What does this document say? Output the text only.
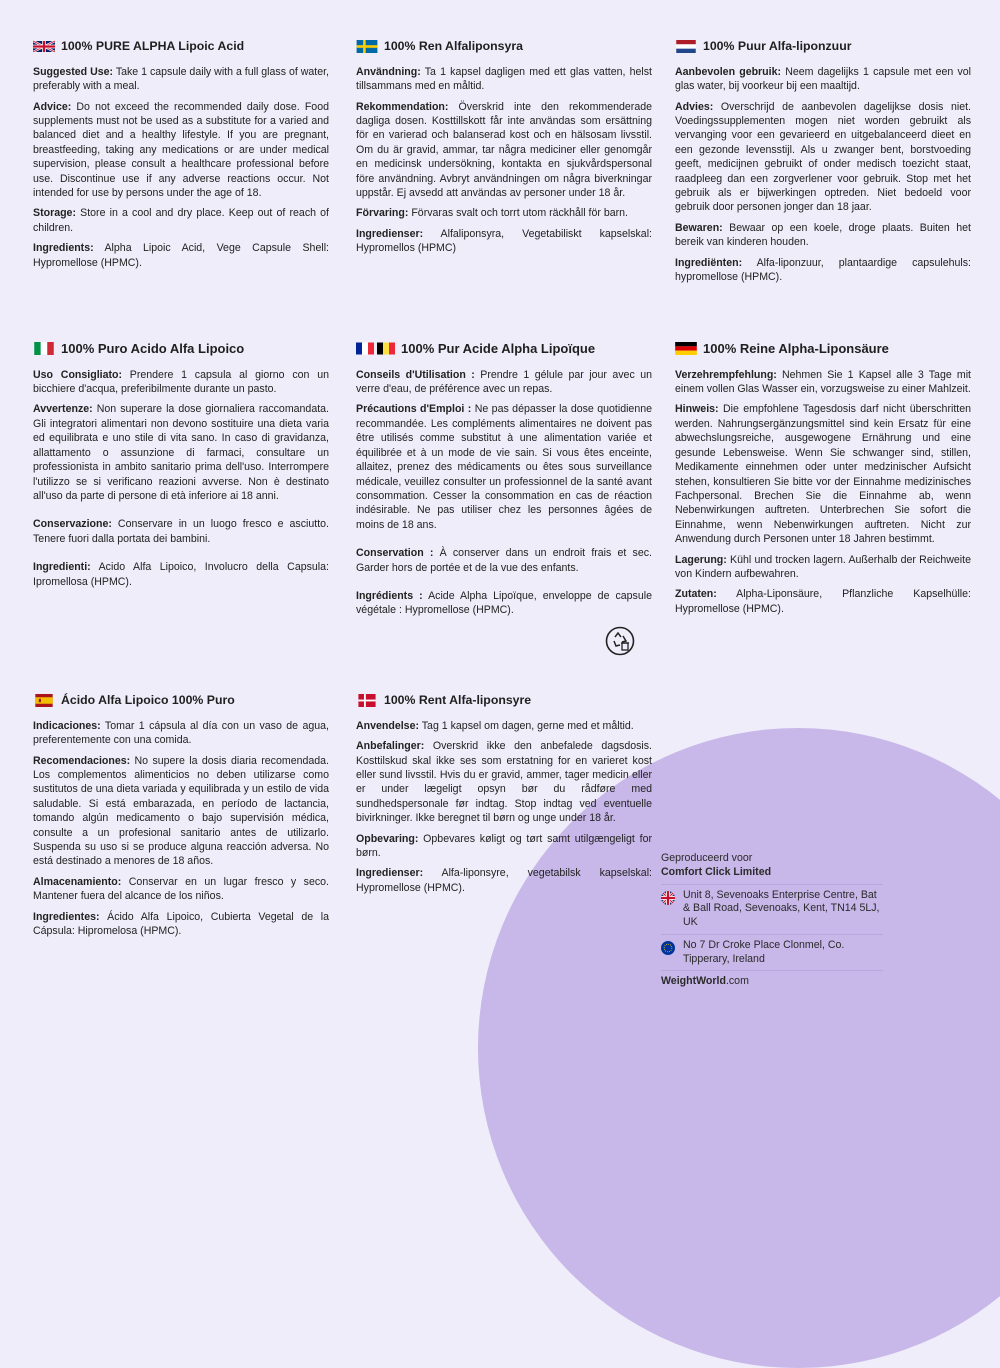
100% PURE ALPHA Lipoic Acid

Suggested Use: Take 1 capsule daily with a full glass of water, preferably with a meal.

Advice: Do not exceed the recommended daily dose. Food supplements must not be used as a substitute for a varied and balanced diet and a healthy lifestyle. If you are pregnant, breastfeeding, taking any medications or are under medical supervision, please consult a healthcare professional before use. Discontinue use if any adverse reactions occur. Not intended for use by persons under the age of 18.

Storage: Store in a cool and dry place. Keep out of reach of children.

Ingredients: Alpha Lipoic Acid, Vege Capsule Shell: Hypromellose (HPMC).

100% Ren Alfaliponsyra

Användning: Ta 1 kapsel dagligen med ett glas vatten, helst tillsammans med en måltid.

Rekommendation: Överskrid inte den rekommenderade dagliga dosen. Kosttillskott får inte användas som ersättning för en varierad och balanserad kost och en hälsosam livsstil. Om du är gravid, ammar, tar några mediciner eller genomgår en medicinsk undersökning, kontakta en sjukvårdspersonal före användning. Avbryt användningen om några biverkningar uppstår. Ej avsedd att användas av personer under 18 år.

Förvaring: Förvaras svalt och torrt utom räckhåll för barn.

Ingredienser: Alfaliponsyra, Vegetabiliskt kapselskal: Hypromellos (HPMC)

100% Puur Alfa-liponzuur

Aanbevolen gebruik: Neem dagelijks 1 capsule met een vol glas water, bij voorkeur bij een maaltijd.

Advies: Overschrijd de aanbevolen dagelijkse dosis niet. Voedingssupplementen mogen niet worden gebruikt als vervanging voor een gevarieerd en uitgebalanceerd dieet en een gezonde levensstijl. Als u zwanger bent, borstvoeding geeft, medicijnen gebruikt of onder medisch toezicht staat, raadpleeg dan een zorgverlener voor gebruik. Stop met het gebruik als er bijwerkingen optreden. Niet bedoeld voor gebruik door personen jonger dan 18 jaar.

Bewaren: Bewaar op een koele, droge plaats. Buiten het bereik van kinderen houden.

Ingrediënten: Alfa-liponzuur, plantaardige capsulehuls: hypromellose (HPMC).

100% Puro Acido Alfa Lipoico

Uso Consigliato: Prendere 1 capsula al giorno con un bicchiere d'acqua, preferibilmente durante un pasto.

Avvertenze: Non superare la dose giornaliera raccomandata. Gli integratori alimentari non devono sostituire una dieta varia ed equilibrata e uno stile di vita sano. In caso di gravidanza, allattamento o assunzione di farmaci, consultare un professionista in ambito sanitario prima dell'uso. Interrompere l'utilizzo se si verificano reazioni avverse. Non è destinato all'uso da parte di persone di età inferiore ai 18 anni.

Conservazione: Conservare in un luogo fresco e asciutto. Tenere fuori dalla portata dei bambini.

Ingredienti: Acido Alfa Lipoico, Involucro della Capsula: Ipromellosa (HPMC).

100% Pur Acide Alpha Lipoïque

Conseils d'Utilisation : Prendre 1 gélule par jour avec un verre d'eau, de préférence avec un repas.

Précautions d'Emploi : Ne pas dépasser la dose quotidienne recommandée. Les compléments alimentaires ne doivent pas être utilisés comme substitut à une alimentation variée et équilibrée et à un mode de vie sain. Si vous êtes enceinte, allaitez, prenez des médicaments ou êtes sous surveillance médicale, veuillez consulter un professionnel de la santé avant consommation. Cesser la consommation en cas de réaction indésirable. Ne pas utiliser chez les personnes âgées de moins de 18 ans.

Conservation : À conserver dans un endroit frais et sec. Garder hors de portée et de la vue des enfants.

Ingrédients : Acide Alpha Lipoïque, enveloppe de capsule végétale : Hypromellose (HPMC).

100% Reine Alpha-Liponsäure

Verzehrempfehlung: Nehmen Sie 1 Kapsel alle 3 Tage mit einem vollen Glas Wasser ein, vorzugsweise zu einer Mahlzeit.

Hinweis: Die empfohlene Tagesdosis darf nicht überschritten werden. Nahrungsergänzungsmittel sind kein Ersatz für eine abwechslungsreiche, ausgewogene Ernährung und eine gesunde Lebensweise. Wenn Sie schwanger sind, stillen, Medikamente einnehmen oder unter medzinischer Aufsicht stehen, konsultieren Sie bitte vor der Einnahme medizinisches Fachpersonal. Brechen Sie die Einnahme ab, wenn Nebenwirkungen auftreten. Unterbrechen Sie sofort die Einnahme, wenn Nebenwirkungen auftreten. Nicht zur Anwendung durch Personen unter 18 Jahren bestimmt.

Lagerung: Kühl und trocken lagern. Außerhalb der Reichweite von Kindern aufbewahren.

Zutaten: Alpha-Liponsäure, Pflanzliche Kapselhülle: Hypromellose (HPMC).

Ácido Alfa Lipoico 100% Puro

Indicaciones: Tomar 1 cápsula al día con un vaso de agua, preferentemente con una comida.

Recomendaciones: No supere la dosis diaria recomendada. Los complementos alimenticios no deben utilizarse como sustitutos de una dieta variada y equilibrada y un estilo de vida saludable. Si está embarazada, en período de lactancia, tomando algún medicamento o bajo supervisión médica, consulte a un profesional sanitario antes de utilizarlo. Suspenda su uso si se produce alguna reacción adversa. No está destinado a menores de 18 años.

Almacenamiento: Conservar en un lugar fresco y seco. Mantener fuera del alcance de los niños.

Ingredientes: Ácido Alfa Lipoico, Cubierta Vegetal de la Cápsula: Hipromelosa (HPMC).

100% Rent Alfa-liponsyre

Anvendelse: Tag 1 kapsel om dagen, gerne med et måltid.

Anbefalinger: Overskrid ikke den anbefalede dagsdosis. Kosttilskud skal ikke ses som erstatning for en varieret kost eller sund livsstil. Hvis du er gravid, ammer, tager medicin eller er under lægeligt opsyn bør du rådføre med sundhedspersonale før indtag. Stop indtag ved eventuelle bivirkninger. Ikke beregnet til børn og unge under 18 år.

Opbevaring: Opbevares køligt og tørt samt utilgængeligt for børn.

Ingredienser: Alfa-liponsyre, vegetabilsk kapselskal: Hypromellose (HPMC).

Geproduceerd voor
Comfort Click Limited
Unit 8, Sevenoaks Enterprise Centre, Bat & Ball Road, Sevenoaks, Kent, TN14 5LJ, UK
No 7 Dr Croke Place Clonmel, Co. Tipperary, Ireland
WeightWorld.com
